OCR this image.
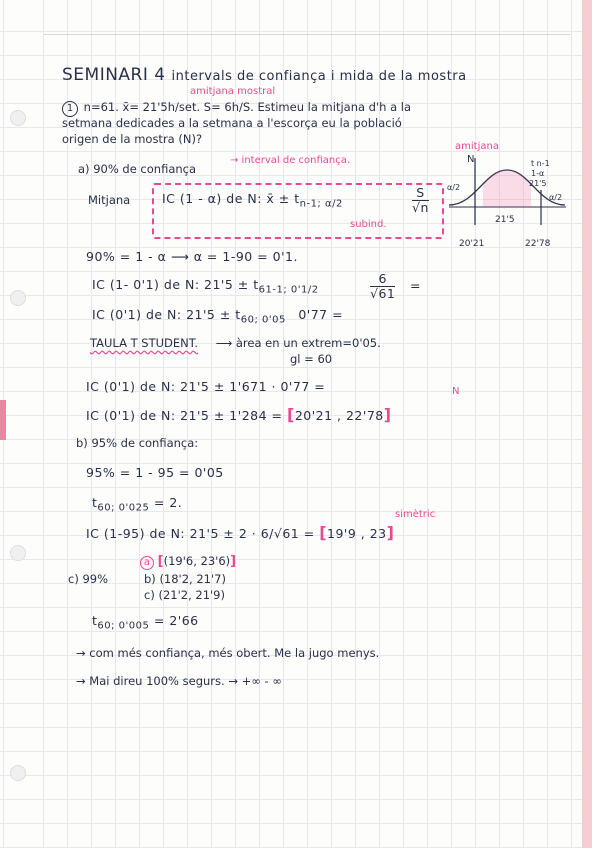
SEMINARI 4 intervals de confiança i mida de la mostra
amitjana mostral
1 n=61. x̄= 21'5h/set. S= 6h/S. Estimeu la mitjana d'h a la
setmana dedicades a la setmana a l'escorça eu la població
origen de la mostra (N)?
amitjana
a) 90% de confiança
→ interval de confiança.
Mitjana	IC (1 - α) de N: x̄ ± $t_{n-1; \alpha/2}$	$\frac{S}{√n}$
subind.
N	t n-1
1-α
21'5
α/2
α/2
21'5
20'21	22'78
90% = 1 - α ⟶ α = 1-90 = 0'1.
IC (1- 0'1) de N: $21'5 \pm t_{61-1; 0'1/2}$	$\frac{6}{√61}$ =
IC (0'1) de N: $21'5 \pm t_{60; 0'05}$ 0'77 =
TAULA T STUDENT. ⟶ àrea en un extrem=0'05.
gl = 60
IC (0'1) de N: 21'5 ± 1'671 · 0'77 =	N
IC (0'1) de N: 21'5 ± 1'284 = [20'21 , 22'78]
b) 95% de confiança:
95% = 1 - 95 = 0'05
$t_{60; 0'025} = 2$.
simètric
IC (1-95) de N: 21'5 ± 2 · 6/√61 = [19'9 , 23]
c) 99%
a [(19'6, 23'6)]
b) (18'2, 21'7)
c) (21'2, 21'9)
$t_{60; 0'005} = 2'66$
→ com més confiança, més obert. Me la jugo menys.
→ Mai direu 100% segurs. → +∞ - ∞
